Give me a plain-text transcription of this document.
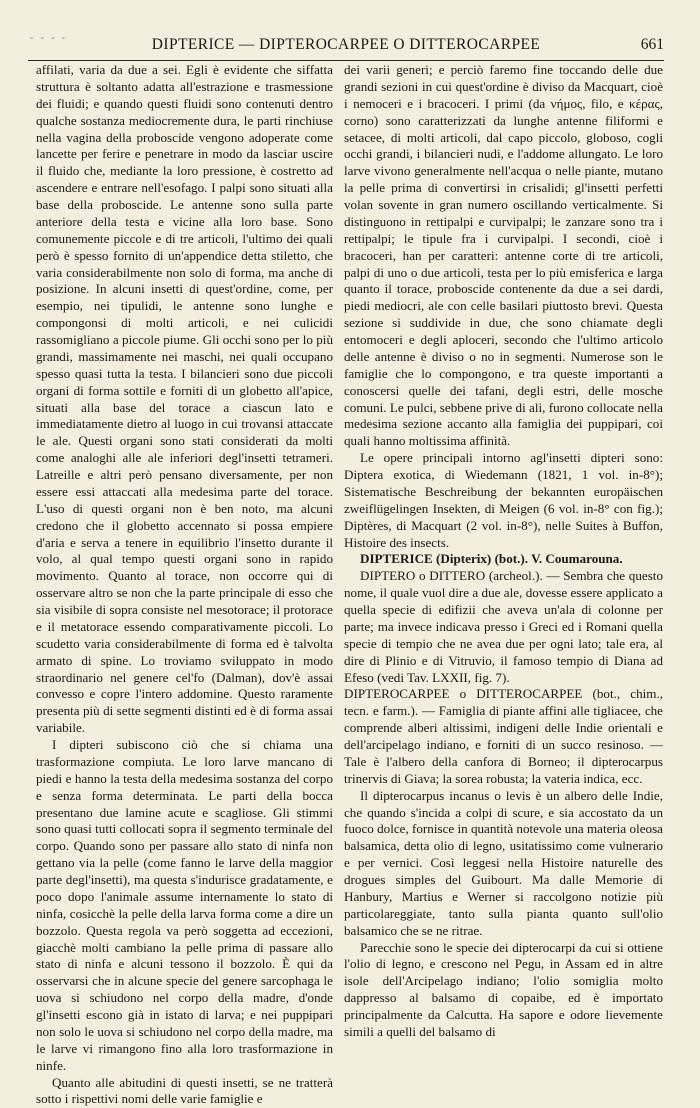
- - - -	DIPTERICE — DIPTEROCARPEE O DITTEROCARPEE	661

affilati, varia da due a sei. Egli è evidente che siffatta struttura è soltanto adatta all'estrazione e trasmessione dei fluidi; e quando questi fluidi sono contenuti dentro qualche sostanza mediocremente dura, le parti rinchiuse nella vagina della proboscide vengono adoperate come lancette per ferire e penetrare in modo da lasciar uscire il fluido che, mediante la loro pressione, è costretto ad ascendere e entrare nell'esofago. I palpi sono situati alla base della proboscide. Le antenne sono sulla parte anteriore della testa e vicine alla loro base. Sono comunemente piccole e di tre articoli, l'ultimo dei quali però è spesso fornito di un'appendice detta stiletto, che varia considerabilmente non solo di forma, ma anche di posizione. In alcuni insetti di quest'ordine, come, per esempio, nei tipulidi, le antenne sono lunghe e compongonsi di molti articoli, e nei culicidi rassomigliano a piccole piume. Gli occhi sono per lo più grandi, massimamente nei maschi, nei quali occupano spesso quasi tutta la testa. I bilancieri sono due piccoli organi di forma sottile e forniti di un globetto all'apice, situati alla base del torace a ciascun lato e immediatamente dietro al luogo in cui trovansi attaccate le ale. Questi organi sono stati considerati da molti come analoghi alle ale inferiori degl'insetti tetrameri. Latreille e altri però pensano diversamente, per non essere essi attaccati alla medesima parte del torace. L'uso di questi organi non è ben noto, ma alcuni credono che il globetto accennato si possa empiere d'aria e serva a tenere in equilibrio l'insetto durante il volo, al qual tempo questi organi sono in rapido movimento. Quanto al torace, non occorre qui di osservare altro se non che la parte principale di esso che sia visibile di sopra consiste nel mesotorace; il protorace e il metatorace essendo comparativamente piccoli. Lo scudetto varia considerabilmente di forma ed è talvolta armato di spine. Lo troviamo sviluppato in modo straordinario nel genere cel'fo (Dalman), dov'è assai convesso e copre l'intero addomine. Questo raramente presenta più di sette segmenti distinti ed è di forma assai variabile.

I dipteri subiscono ciò che si chiama una trasformazione compiuta. Le loro larve mancano di piedi e hanno la testa della medesima sostanza del corpo e senza forma determinata. Le parti della bocca presentano due lamine acute e scagliose. Gli stimmi sono quasi tutti collocati sopra il segmento terminale del corpo. Quando sono per passare allo stato di ninfa non gettano via la pelle (come fanno le larve della maggior parte degl'insetti), ma questa s'indurisce gradatamente, e poco dopo l'animale assume internamente lo stato di ninfa, cosicchè la pelle della larva forma come a dire un bozzolo. Questa regola va però soggetta ad eccezioni, giacchè molti cambiano la pelle prima di passare allo stato di ninfa e alcuni tessono il bozzolo. È qui da osservarsi che in alcune specie del genere sarcophaga le uova si schiudono nel corpo della madre, d'onde gl'insetti escono già in istato di larva; e nei puppipari non solo le uova si schiudono nel corpo della madre, ma le larve vi rimangono fino alla loro trasformazione in ninfe.

Quanto alle abitudini di questi insetti, se ne tratterà sotto i rispettivi nomi delle varie famiglie e

dei varii generi; e perciò faremo fine toccando delle due grandi sezioni in cui quest'ordine è diviso da Macquart, cioè i nemoceri e i bracoceri. I primi (da νήμος, filo, e κέρας, corno) sono caratterizzati da lunghe antenne filiformi e setacee, di molti articoli, dal capo piccolo, globoso, cogli occhi grandi, i bilancieri nudi, e l'addome allungato. Le loro larve vivono generalmente nell'acqua o nelle piante, mutano la pelle prima di convertirsi in crisalidi; gl'insetti perfetti volan sovente in gran numero oscillando verticalmente. Si distinguono in rettipalpi e curvipalpi; le zanzare sono tra i rettipalpi; le tipule fra i curvipalpi. I secondi, cioè i bracoceri, han per caratteri: antenne corte di tre articoli, palpi di uno o due articoli, testa per lo più emisferica e larga quanto il torace, proboscide contenente da due a sei dardi, piedi mediocri, ale con celle basilari piuttosto brevi. Questa sezione si suddivide in due, che sono chiamate degli entomoceri e degli aploceri, secondo che l'ultimo articolo delle antenne è diviso o no in segmenti. Numerose son le famiglie che lo compongono, e tra queste importanti a conoscersi quelle dei tafani, degli estri, delle mosche comuni. Le pulci, sebbene prive di ali, furono collocate nella medesima sezione accanto alla famiglia dei puppipari, coi quali hanno moltissima affinità.

Le opere principali intorno agl'insetti dipteri sono: Diptera exotica, di Wiedemann (1821, 1 vol. in-8°); Sistematische Beschreibung der bekannten europäischen zweiflügelingen Insekten, di Meigen (6 vol. in-8° con fig.); Diptères, di Macquart (2 vol. in-8°), nelle Suites à Buffon, Histoire des insects.

DIPTERICE (Dipterix) (bot.). V. Coumarouna.

DIPTERO o DITTERO (archeol.). — Sembra che questo nome, il quale vuol dire a due ale, dovesse essere applicato a quella specie di edifizii che aveva un'ala di colonne per parte; ma invece indicava presso i Greci ed i Romani quella specie di tempio che ne avea due per ogni lato; tale era, al dire di Plinio e di Vitruvio, il famoso tempio di Diana ad Efeso (vedi Tav. LXXII, fig. 7).

DIPTEROCARPEE o DITTEROCARPEE (bot., chim., tecn. e farm.). — Famiglia di piante affini alle tigliacee, che comprende alberi altissimi, indigeni delle Indie orientali e dell'arcipelago indiano, e forniti di un succo resinoso. — Tale è l'albero della canfora di Borneo; il dipterocarpus trinervis di Giava; la sorea robusta; la vateria indica, ecc.

Il dipterocarpus incanus o levis è un albero delle Indie, che quando s'incida a colpi di scure, e sia accostato da un fuoco dolce, fornisce in quantità notevole una materia oleosa balsamica, detta olio di legno, usitatissimo come vulnerario e per vernici. Così leggesi nella Histoire naturelle des drogues simples del Guibourt. Ma dalle Memorie di Hanbury, Martius e Werner si raccolgono notizie più particolareggiate, tanto sulla pianta quanto sull'olio balsamico che se ne ritrae.

Parecchie sono le specie dei dipterocarpi da cui si ottiene l'olio di legno, e crescono nel Pegu, in Assam ed in altre isole dell'Arcipelago indiano; l'olio somiglia molto dappresso al balsamo di copaibe, ed è importato principalmente da Calcutta. Ha sapore e odore lievemente simili a quelli del balsamo di
